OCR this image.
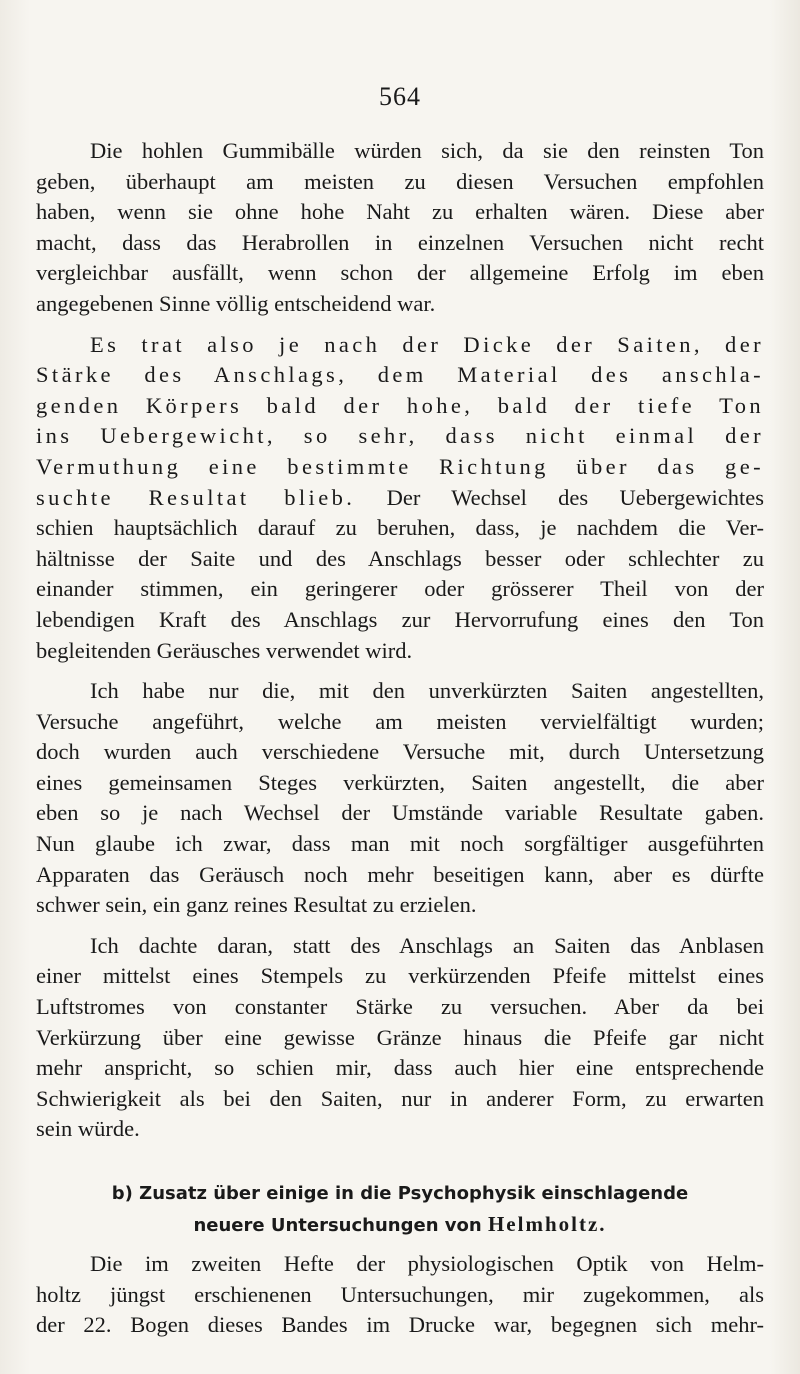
564
Die hohlen Gummibälle würden sich, da sie den reinsten Ton
geben, überhaupt am meisten zu diesen Versuchen empfohlen
haben, wenn sie ohne hohe Naht zu erhalten wären. Diese aber
macht, dass das Herabrollen in einzelnen Versuchen nicht recht
vergleichbar ausfällt, wenn schon der allgemeine Erfolg im eben
angegebenen Sinne völlig entscheidend war.
Es trat also je nach der Dicke der Saiten, der
Stärke des Anschlags, dem Material des anschla-
genden Körpers bald der hohe, bald der tiefe Ton
ins Uebergewicht, so sehr, dass nicht einmal der
Vermuthung eine bestimmte Richtung über das ge-
suchte Resultat blieb. Der Wechsel des Uebergewichtes
schien hauptsächlich darauf zu beruhen, dass, je nachdem die Ver-
hältnisse der Saite und des Anschlags besser oder schlechter zu
einander stimmen, ein geringerer oder grösserer Theil von der
lebendigen Kraft des Anschlags zur Hervorrufung eines den Ton
begleitenden Geräusches verwendet wird.
Ich habe nur die, mit den unverkürzten Saiten angestellten,
Versuche angeführt, welche am meisten vervielfältigt wurden;
doch wurden auch verschiedene Versuche mit, durch Untersetzung
eines gemeinsamen Steges verkürzten, Saiten angestellt, die aber
eben so je nach Wechsel der Umstände variable Resultate gaben.
Nun glaube ich zwar, dass man mit noch sorgfältiger ausgeführten
Apparaten das Geräusch noch mehr beseitigen kann, aber es dürfte
schwer sein, ein ganz reines Resultat zu erzielen.
Ich dachte daran, statt des Anschlags an Saiten das Anblasen
einer mittelst eines Stempels zu verkürzenden Pfeife mittelst eines
Luftstromes von constanter Stärke zu versuchen. Aber da bei
Verkürzung über eine gewisse Gränze hinaus die Pfeife gar nicht
mehr anspricht, so schien mir, dass auch hier eine entsprechende
Schwierigkeit als bei den Saiten, nur in anderer Form, zu erwarten
sein würde.
b) Zusatz über einige in die Psychophysik einschlagende
neuere Untersuchungen von Helmholtz.
Die im zweiten Hefte der physiologischen Optik von Helm-
holtz jüngst erschienenen Untersuchungen, mir zugekommen, als
der 22. Bogen dieses Bandes im Drucke war, begegnen sich mehr-
